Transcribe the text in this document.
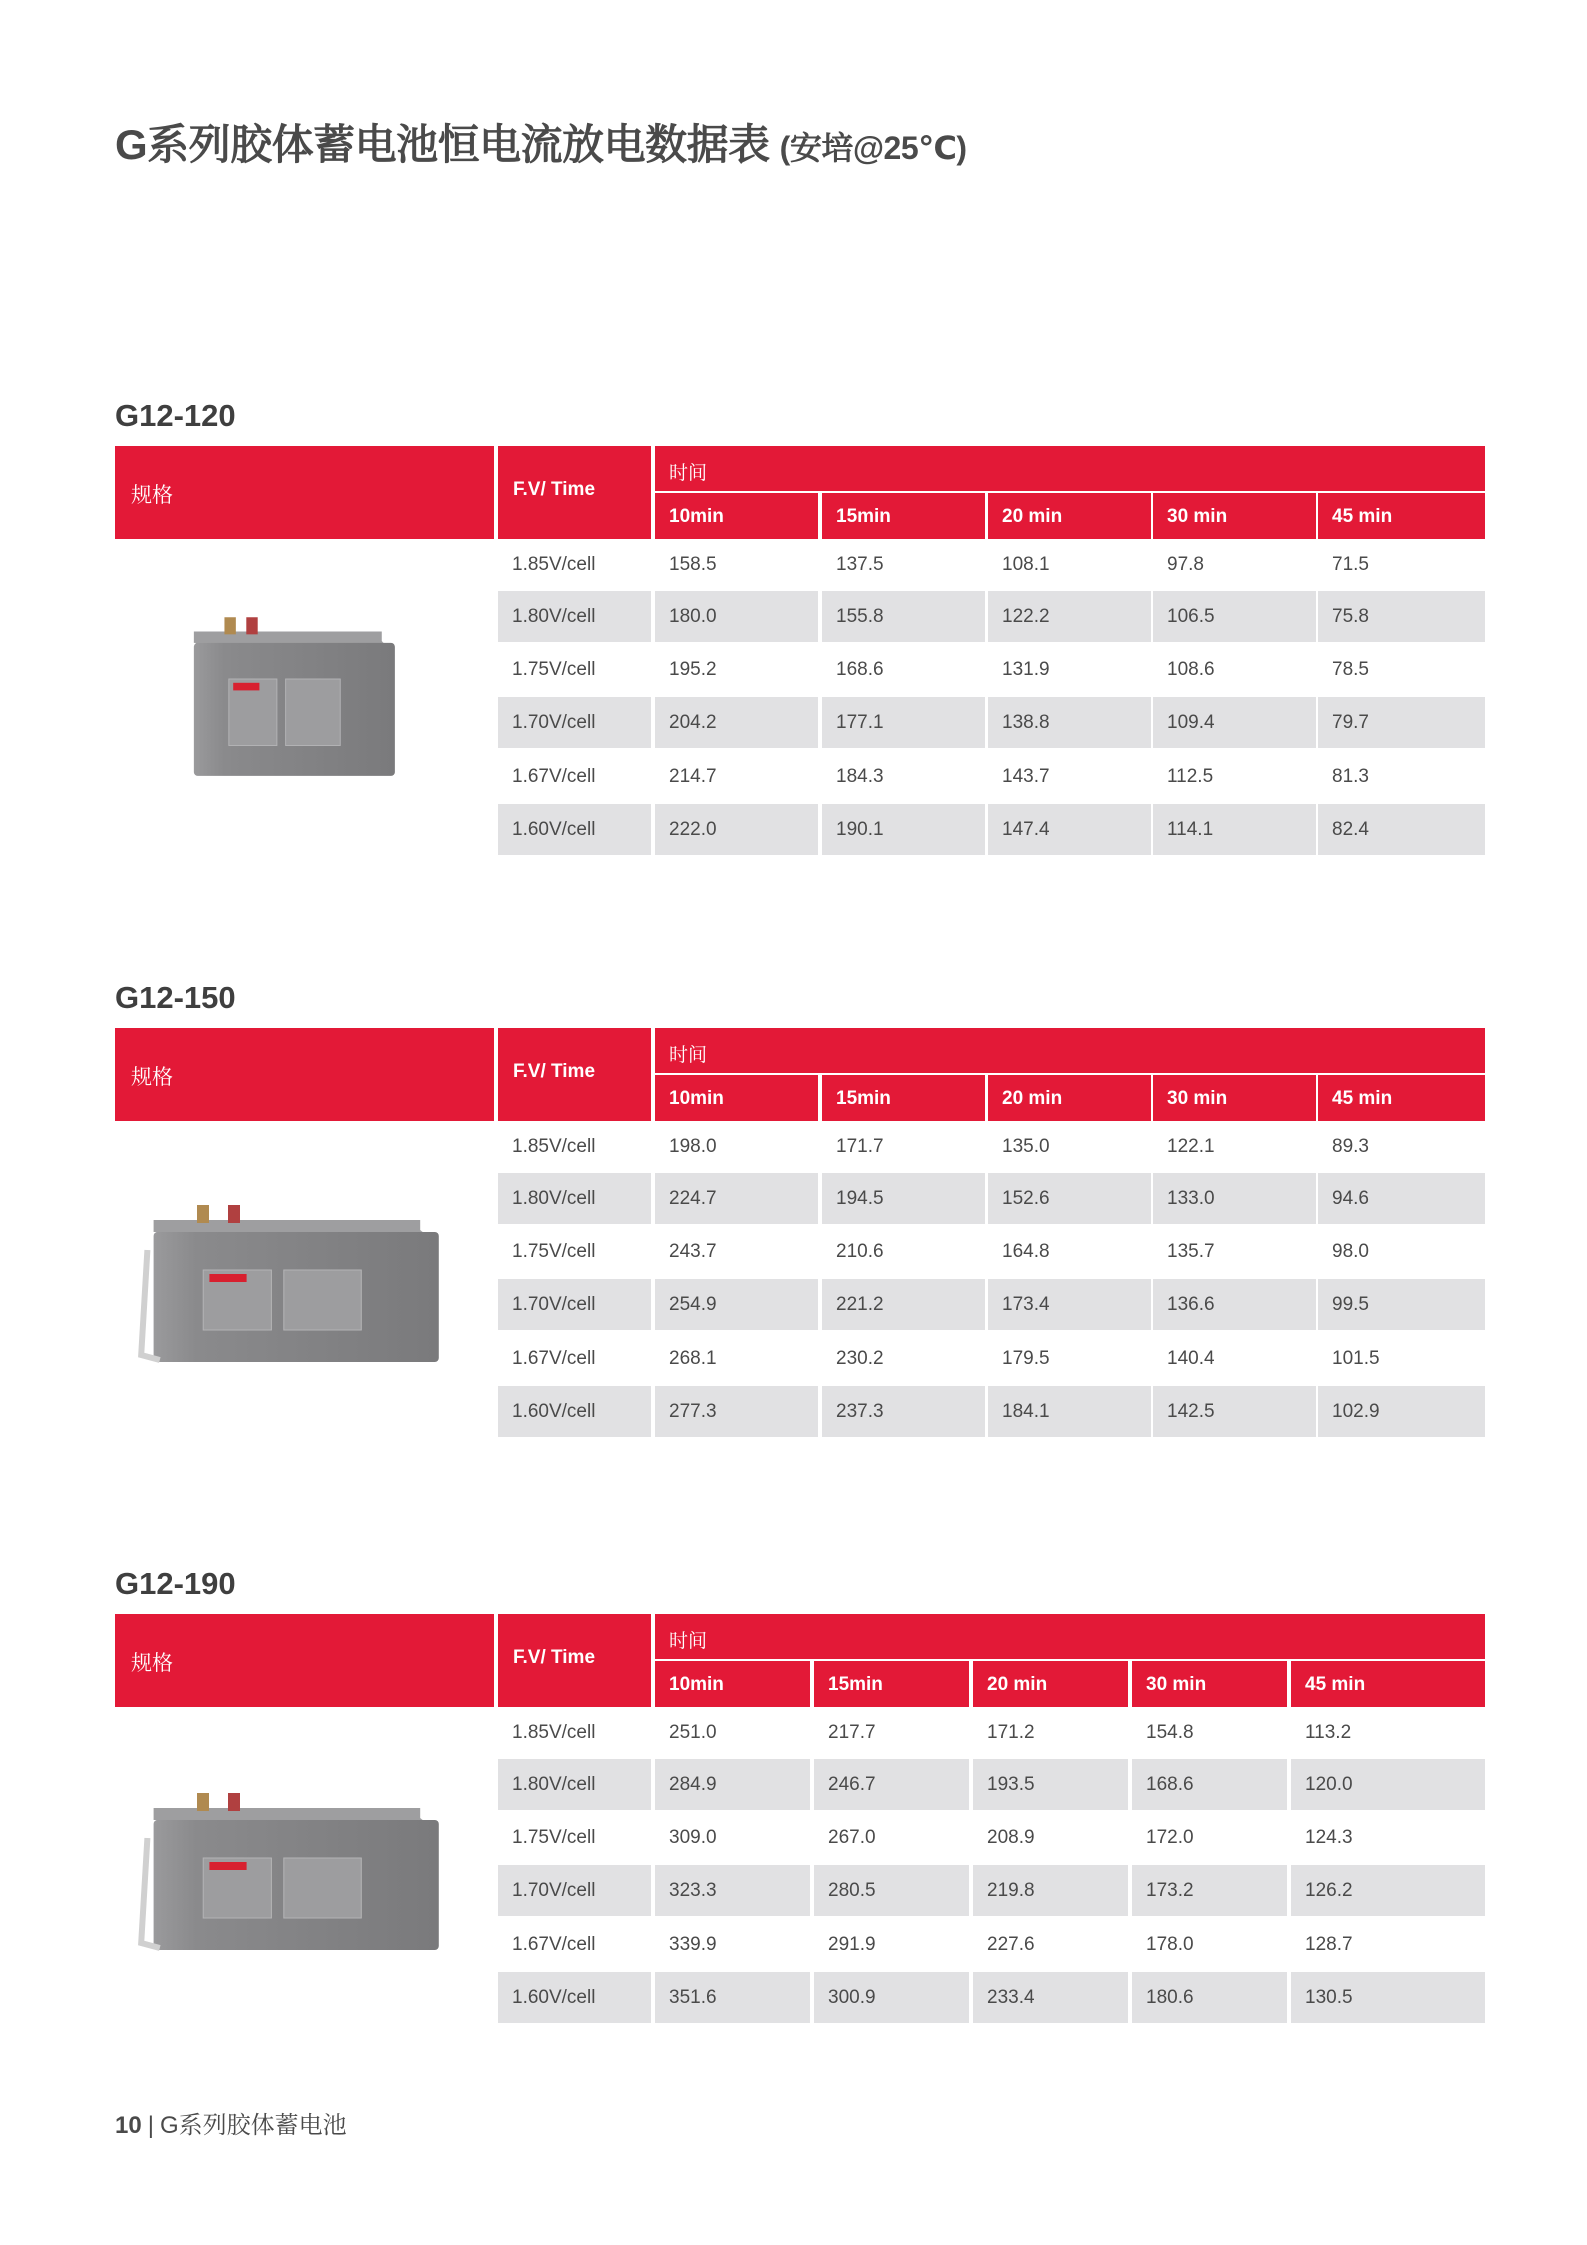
G系列胶体蓄电池恒电流放电数据表 (安培@25℃)
G12-120
规格	F.V/ Time
时间
10min	15min	20 min	30 min	45 min
1.85V/cell	158.5	137.5	108.1	97.8	71.5
1.80V/cell	180.0	155.8	122.2	106.5	75.8
1.75V/cell	195.2	168.6	131.9	108.6	78.5
1.70V/cell	204.2	177.1	138.8	109.4	79.7
1.67V/cell	214.7	184.3	143.7	112.5	81.3
1.60V/cell	222.0	190.1	147.4	114.1	82.4
G12-150
规格	F.V/ Time
时间
10min	15min	20 min	30 min	45 min
1.85V/cell	198.0	171.7	135.0	122.1	89.3
1.80V/cell	224.7	194.5	152.6	133.0	94.6
1.75V/cell	243.7	210.6	164.8	135.7	98.0
1.70V/cell	254.9	221.2	173.4	136.6	99.5
1.67V/cell	268.1	230.2	179.5	140.4	101.5
1.60V/cell	277.3	237.3	184.1	142.5	102.9
G12-190
规格	F.V/ Time
时间
10min	15min	20 min	30 min	45 min
1.85V/cell	251.0	217.7	171.2	154.8	113.2
1.80V/cell	284.9	246.7	193.5	168.6	120.0
1.75V/cell	309.0	267.0	208.9	172.0	124.3
1.70V/cell	323.3	280.5	219.8	173.2	126.2
1.67V/cell	339.9	291.9	227.6	178.0	128.7
1.60V/cell	351.6	300.9	233.4	180.6	130.5
10 | G系列胶体蓄电池
